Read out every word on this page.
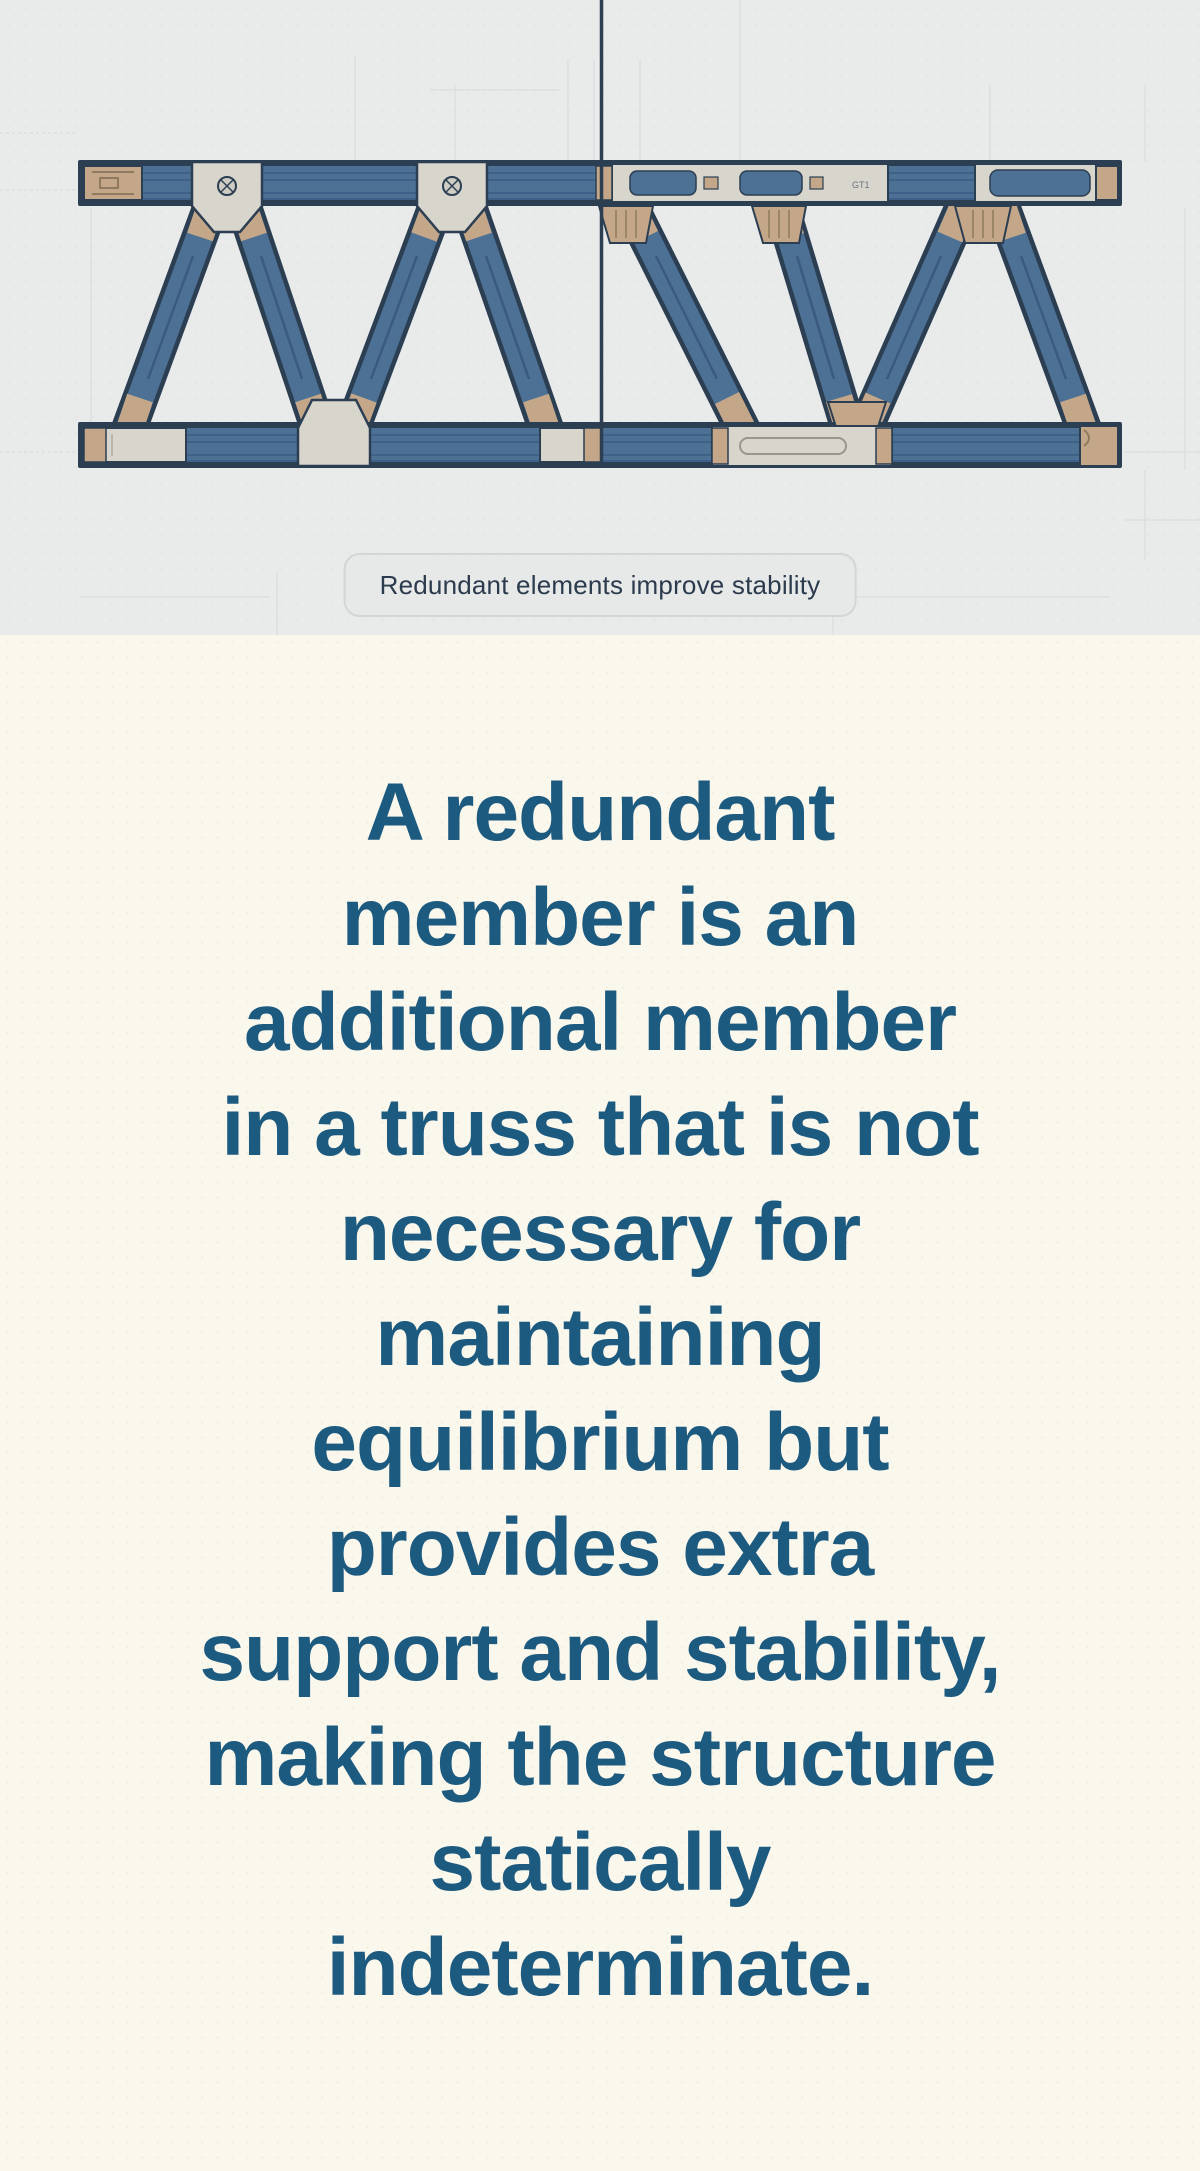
GT1
Redundant elements improve stability
A redundant
member is an
additional member
in a truss that is not
necessary for
maintaining
equilibrium but
provides extra
support and stability,
making the structure
statically
indeterminate.
